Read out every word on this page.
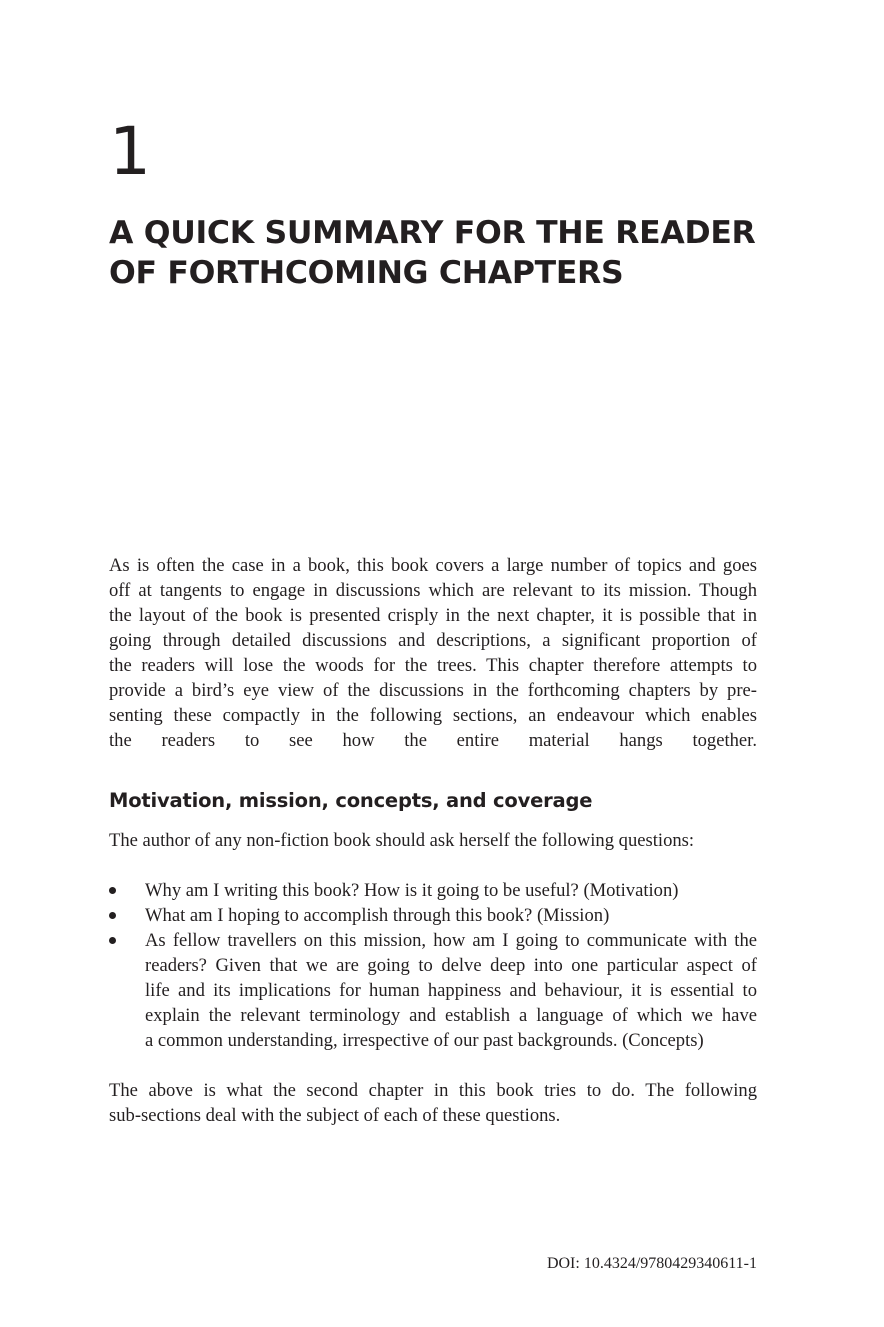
1
A QUICK SUMMARY FOR THE READER
OF FORTHCOMING CHAPTERS

As is often the case in a book, this book covers a large number of topics and goes
off at tangents to engage in discussions which are relevant to its mission. Though
the layout of the book is presented crisply in the next chapter, it is possible that in
going through detailed discussions and descriptions, a significant proportion of
the readers will lose the woods for the trees. This chapter therefore attempts to
provide a bird’s eye view of the discussions in the forthcoming chapters by pre-
senting these compactly in the following sections, an endeavour which enables
the readers to see how the entire material hangs together.

Motivation, mission, concepts, and coverage

The author of any non-fiction book should ask herself the following questions:

Why am I writing this book? How is it going to be useful? (Motivation)
What am I hoping to accomplish through this book? (Mission)
As fellow travellers on this mission, how am I going to communicate with the
readers? Given that we are going to delve deep into one particular aspect of
life and its implications for human happiness and behaviour, it is essential to
explain the relevant terminology and establish a language of which we have
a common understanding, irrespective of our past backgrounds. (Concepts)

The above is what the second chapter in this book tries to do. The following
sub-sections deal with the subject of each of these questions.

DOI: 10.4324/9780429340611-1
